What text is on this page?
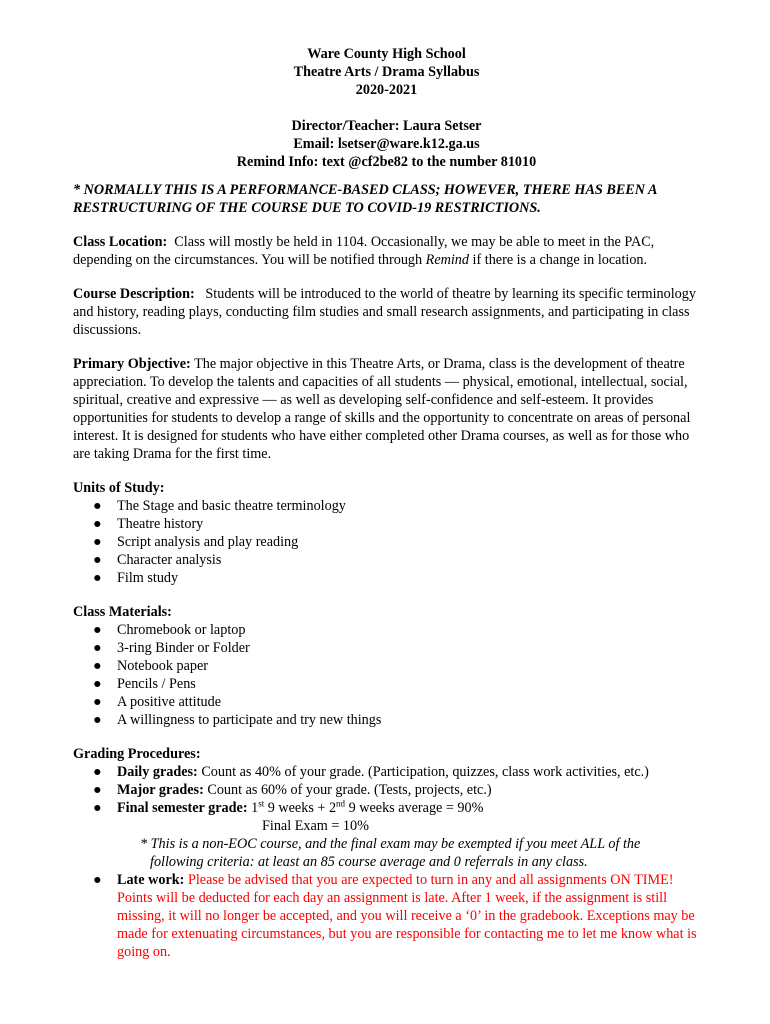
Ware County High School
Theatre Arts / Drama Syllabus
2020-2021
Director/Teacher: Laura Setser
Email: lsetser@ware.k12.ga.us
Remind Info: text @cf2be82 to the number 81010
* NORMALLY THIS IS A PERFORMANCE-BASED CLASS; HOWEVER, THERE HAS BEEN A RESTRUCTURING OF THE COURSE DUE TO COVID-19 RESTRICTIONS.

Class Location: Class will mostly be held in 1104. Occasionally, we may be able to meet in the PAC, depending on the circumstances. You will be notified through Remind if there is a change in location.

Course Description: Students will be introduced to the world of theatre by learning its specific terminology and history, reading plays, conducting film studies and small research assignments, and participating in class discussions.

Primary Objective: The major objective in this Theatre Arts, or Drama, class is the development of theatre appreciation. To develop the talents and capacities of all students — physical, emotional, intellectual, social, spiritual, creative and expressive — as well as developing self-confidence and self-esteem. It provides opportunities for students to develop a range of skills and the opportunity to concentrate on areas of personal interest. It is designed for students who have either completed other Drama courses, as well as for those who are taking Drama for the first time.

Units of Study:
● The Stage and basic theatre terminology
● Theatre history
● Script analysis and play reading
● Character analysis
● Film study
Class Materials:
● Chromebook or laptop
● 3-ring Binder or Folder
● Notebook paper
● Pencils / Pens
● A positive attitude
● A willingness to participate and try new things
Grading Procedures:
● Daily grades: Count as 40% of your grade. (Participation, quizzes, class work activities, etc.)
● Major grades: Count as 60% of your grade. (Tests, projects, etc.)
● Final semester grade: 1st 9 weeks + 2nd 9 weeks average = 90%
Final Exam = 10%
* This is a non-EOC course, and the final exam may be exempted if you meet ALL of the
following criteria: at least an 85 course average and 0 referrals in any class.
● Late work: Please be advised that you are expected to turn in any and all assignments ON TIME! Points will be deducted for each day an assignment is late. After 1 week, if the assignment is still missing, it will no longer be accepted, and you will receive a ‘0’ in the gradebook. Exceptions may be made for extenuating circumstances, but you are responsible for contacting me to let me know what is going on.
